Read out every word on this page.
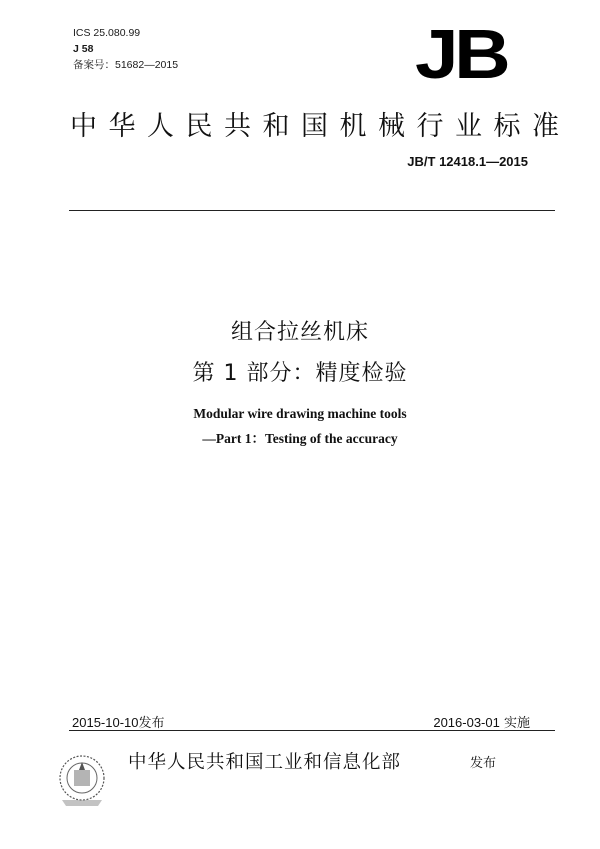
ICS 25.080.99
J 58
备案号：51682—2015	JB
中华人民共和国机械行业标准
JB/T 12418.1—2015
组合拉丝机床
第 1 部分：精度检验
Modular wire drawing machine tools
—Part 1：Testing of the accuracy
2015-10-10发布	2016-03-01 实施
中华人民共和国工业和信息化部	发布
